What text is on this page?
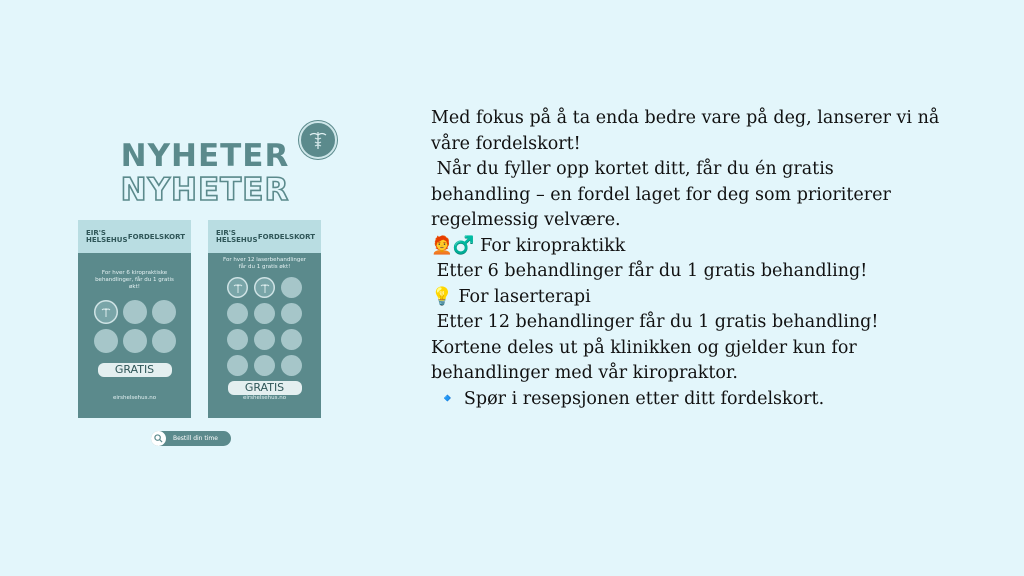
NYHETER
NYHETER
EIR'S
HELSEHUS FORDELSKORT
For hver 6 kiropraktiske behandlinger, får du 1 gratis økt!
GRATIS
eirshelsehus.no
EIR'S
HELSEHUS FORDELSKORT
For hver 12 laserbehandlinger får du 1 gratis økt!
GRATIS
eirshelsehus.no
Bestill din time
Med fokus på å ta enda bedre vare på deg, lanserer vi nå
våre fordelskort!
Når du fyller opp kortet ditt, får du én gratis
behandling – en fordel laget for deg som prioriterer
regelmessig velvære.
🧑‍🦰♂️ For kiropraktikk
Etter 6 behandlinger får du 1 gratis behandling!
💡 For laserterapi
Etter 12 behandlinger får du 1 gratis behandling!
Kortene deles ut på klinikken og gjelder kun for
behandlinger med vår kiropraktor.
🔹 Spør i resepsjonen etter ditt fordelskort.
